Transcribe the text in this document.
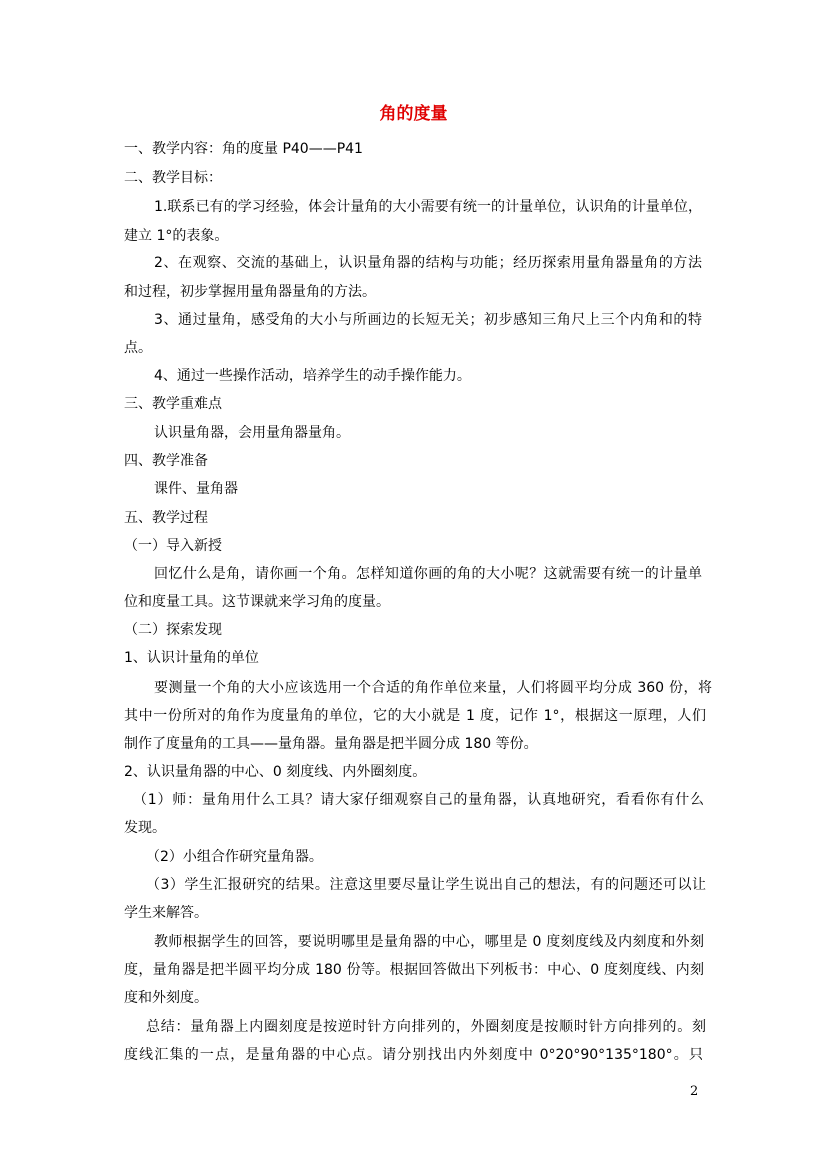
角的度量
一、教学内容：角的度量 P40——P41
二、教学目标：
1.联系已有的学习经验，体会计量角的大小需要有统一的计量单位，认识角的计量单位，
建立 1°的表象。
2、在观察、交流的基础上，认识量角器的结构与功能；经历探索用量角器量角的方法
和过程，初步掌握用量角器量角的方法。
3、通过量角，感受角的大小与所画边的长短无关；初步感知三角尺上三个内角和的特
点。
4、通过一些操作活动，培养学生的动手操作能力。
三、教学重难点
认识量角器，会用量角器量角。
四、教学准备
课件、量角器
五、教学过程
（一）导入新授
回忆什么是角，请你画一个角。怎样知道你画的角的大小呢？这就需要有统一的计量单
位和度量工具。这节课就来学习角的度量。
（二）探索发现
1、认识计量角的单位
要测量一个角的大小应该选用一个合适的角作单位来量，人们将圆平均分成 360 份，将
其中一份所对的角作为度量角的单位，它的大小就是 1 度，记作 1°，根据这一原理，人们
制作了度量角的工具——量角器。量角器是把半圆分成 180 等份。
2、认识量角器的中心、0 刻度线、内外圈刻度。
（1）师：量角用什么工具？请大家仔细观察自己的量角器，认真地研究，看看你有什么
发现。
（2）小组合作研究量角器。
（3）学生汇报研究的结果。注意这里要尽量让学生说出自己的想法，有的问题还可以让
学生来解答。
教师根据学生的回答，要说明哪里是量角器的中心，哪里是 0 度刻度线及内刻度和外刻
度，量角器是把半圆平均分成 180 份等。根据回答做出下列板书：中心、0 度刻度线、内刻
度和外刻度。
总结：量角器上内圈刻度是按逆时针方向排列的，外圈刻度是按顺时针方向排列的。刻
度线汇集的一点，是量角器的中心点。请分别找出内外刻度中 0°20°90°135°180°。只
2
